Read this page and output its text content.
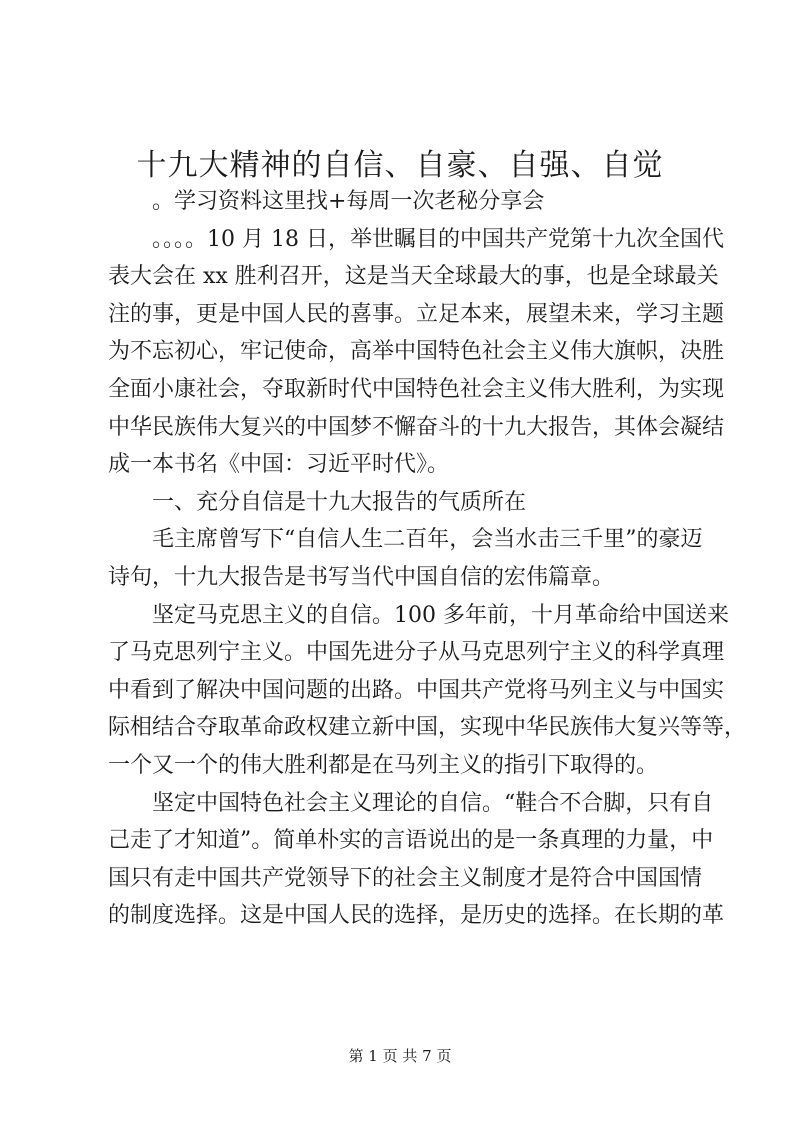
十九大精神的自信、自豪、自强、自觉
。学习资料这里找+每周一次老秘分享会
。。。。10 月 18 日，举世瞩目的中国共产党第十九次全国代
表大会在 xx 胜利召开，这是当天全球最大的事，也是全球最关
注的事，更是中国人民的喜事。立足本来，展望未来，学习主题
为不忘初心，牢记使命，高举中国特色社会主义伟大旗帜，决胜
全面小康社会，夺取新时代中国特色社会主义伟大胜利，为实现
中华民族伟大复兴的中国梦不懈奋斗的十九大报告，其体会凝结
成一本书名《中国：习近平时代》。
一、充分自信是十九大报告的气质所在
毛主席曾写下“自信人生二百年，会当水击三千里”的豪迈
诗句，十九大报告是书写当代中国自信的宏伟篇章。
坚定马克思主义的自信。100 多年前，十月革命给中国送来
了马克思列宁主义。中国先进分子从马克思列宁主义的科学真理
中看到了解决中国问题的出路。中国共产党将马列主义与中国实
际相结合夺取革命政权建立新中国，实现中华民族伟大复兴等等，
一个又一个的伟大胜利都是在马列主义的指引下取得的。
坚定中国特色社会主义理论的自信。“鞋合不合脚，只有自
己走了才知道”。简单朴实的言语说出的是一条真理的力量，中
国只有走中国共产党领导下的社会主义制度才是符合中国国情
的制度选择。这是中国人民的选择，是历史的选择。在长期的革
第 1 页 共 7 页
